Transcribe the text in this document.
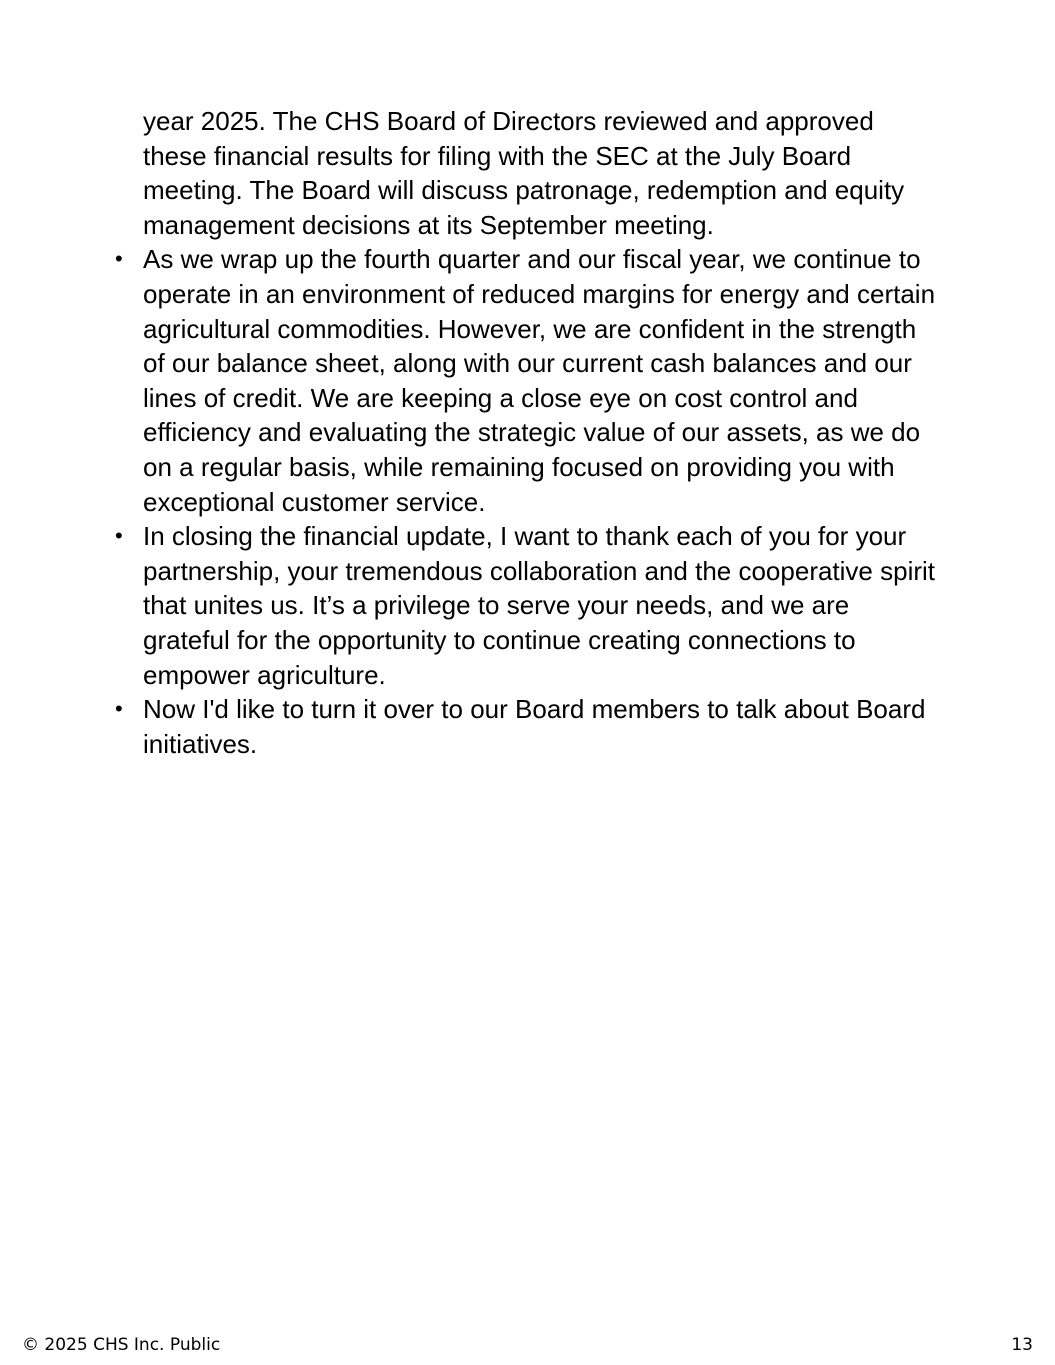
year 2025. The CHS Board of Directors reviewed and approved these financial results for filing with the SEC at the July Board meeting. The Board will discuss patronage, redemption and equity management decisions at its September meeting.

• As we wrap up the fourth quarter and our fiscal year, we continue to operate in an environment of reduced margins for energy and certain agricultural commodities. However, we are confident in the strength of our balance sheet, along with our current cash balances and our lines of credit. We are keeping a close eye on cost control and efficiency and evaluating the strategic value of our assets, as we do on a regular basis, while remaining focused on providing you with exceptional customer service.
• In closing the financial update, I want to thank each of you for your partnership, your tremendous collaboration and the cooperative spirit that unites us. It’s a privilege to serve your needs, and we are grateful for the opportunity to continue creating connections to empower agriculture.
• Now I'd like to turn it over to our Board members to talk about Board initiatives.
© 2025 CHS Inc. Public	13
